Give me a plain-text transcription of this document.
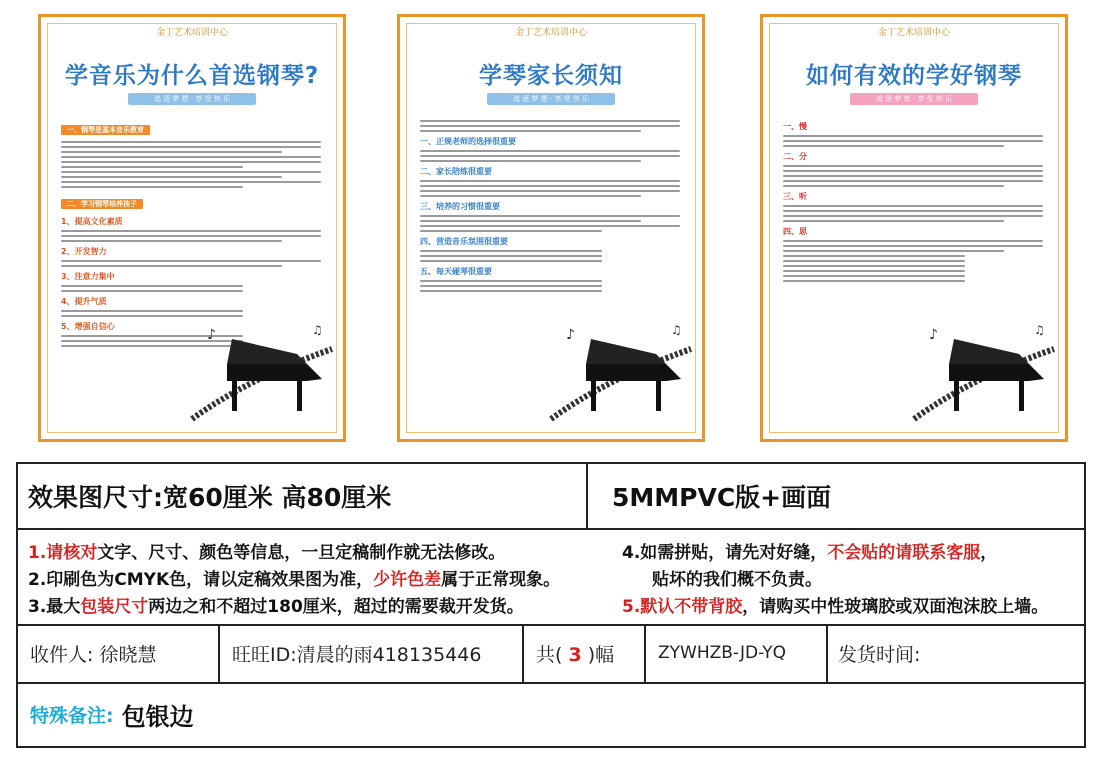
金丁艺术培训中心
学音乐为什么首选钢琴?
追 逐 梦 想 · 享 受 快 乐
一、钢琴是基本音乐教育
二、学习钢琴培养孩子
1、提高文化素质
2、开发智力
3、注意力集中
4、提升气质
5、增强自信心
♪	♫
金丁艺术培训中心
学琴家长须知
追 逐 梦 想 · 享 受 快 乐
一、正规老师的选择很重要
二、家长陪练很重要
三、培养的习惯很重要
四、营造音乐氛围很重要
五、每天碰琴很重要
♪	♫
金丁艺术培训中心
如何有效的学好钢琴
追 逐 梦 想 · 享 受 快 乐
一、慢
二、分
三、听
四、思
♪	♫
效果图尺寸:宽60厘米 高80厘米	5MMPVC版+画面
1.请核对文字、尺寸、颜色等信息，一旦定稿制作就无法修改。
2.印刷色为CMYK色，请以定稿效果图为准，少许色差属于正常现象。
3.最大包装尺寸两边之和不超过180厘米，超过的需要裁开发货。
4.如需拼贴，请先对好缝，不会贴的请联系客服，
贴坏的我们概不负责。
5.默认不带背胶，请购买中性玻璃胶或双面泡沫胶上墙。
收件人: 徐晓慧	旺旺ID:清晨的雨418135446	共( 3 )幅	ZYWHZB-JD-YQ	发货时间:
特殊备注: 包银边
